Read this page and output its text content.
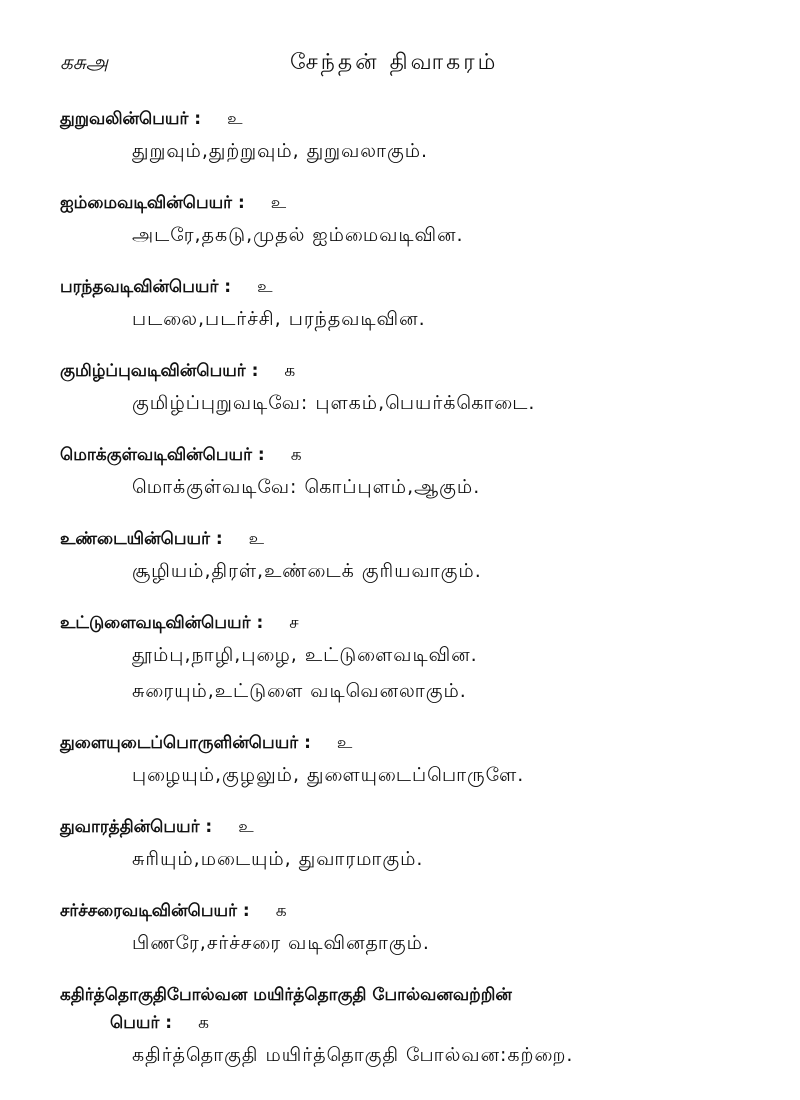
கசுஅ	சேந்தன் திவாகரம்
துறுவலின்பெயர் : உ
துறுவும்,துற்றுவும், துறுவலாகும்.
ஐம்மைவடிவின்பெயர் : உ
அடரே,தகடு,முதல் ஐம்மைவடிவின.
பரந்தவடிவின்பெயர் : உ
படலை,படர்ச்சி, பரந்தவடிவின.
குமிழ்ப்புவடிவின்பெயர் : க
குமிழ்ப்புறுவடிவே: புளகம்,பெயர்க்கொடை.
மொக்குள்வடிவின்பெயர் : க
மொக்குள்வடிவே: கொப்புளம்,ஆகும்.
உண்டையின்பெயர் : உ
சூழியம்,திரள்,உண்டைக் குரியவாகும்.
உட்டுளைவடிவின்பெயர் : ச
தூம்பு,நாழி,புழை, உட்டுளைவடிவின.
சுரையும்,உட்டுளை வடிவெனலாகும்.
துளையுடைப்பொருளின்பெயர் : உ
புழையும்,குழலும், துளையுடைப்பொருளே.
துவாரத்தின்பெயர் : உ
சுரியும்,மடையும், துவாரமாகும்.
சர்ச்சரைவடிவின்பெயர் : க
பிணரே,சர்ச்சரை வடிவினதாகும்.
கதிர்த்தொகுதிபோல்வன மயிர்த்தொகுதி போல்வனவற்றின்
பெயர் : க
கதிர்த்தொகுதி மயிர்த்தொகுதி போல்வன:கற்றை.
